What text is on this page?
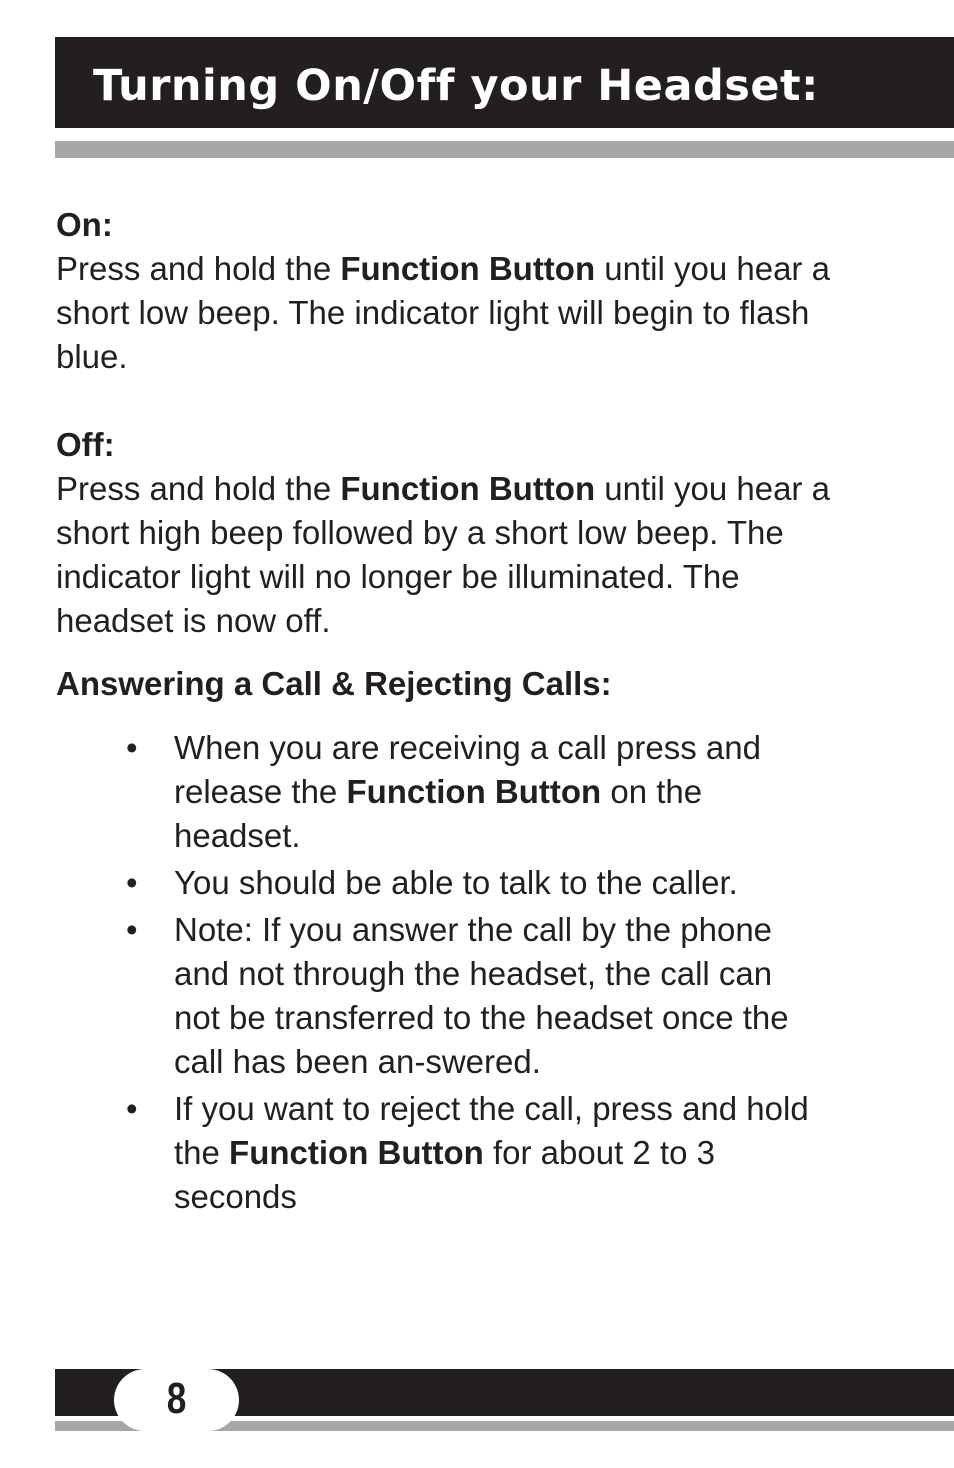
Turning On/Off your Headset:
On:

Press and hold the Function Button until you hear a short low beep. The indicator light will begin to flash blue.

Off:

Press and hold the Function Button until you hear a short high beep followed by a short low beep. The indicator light will no longer be illuminated. The headset is now off.

Answering a Call & Rejecting Calls:
• When you are receiving a call press and release the Function Button on the headset.
• You should be able to talk to the caller.
• Note: If you answer the call by the phone and not through the headset, the call can not be transferred to the headset once the call has been an-swered.
• If you want to reject the call, press and hold the Function Button for about 2 to 3 seconds
8
